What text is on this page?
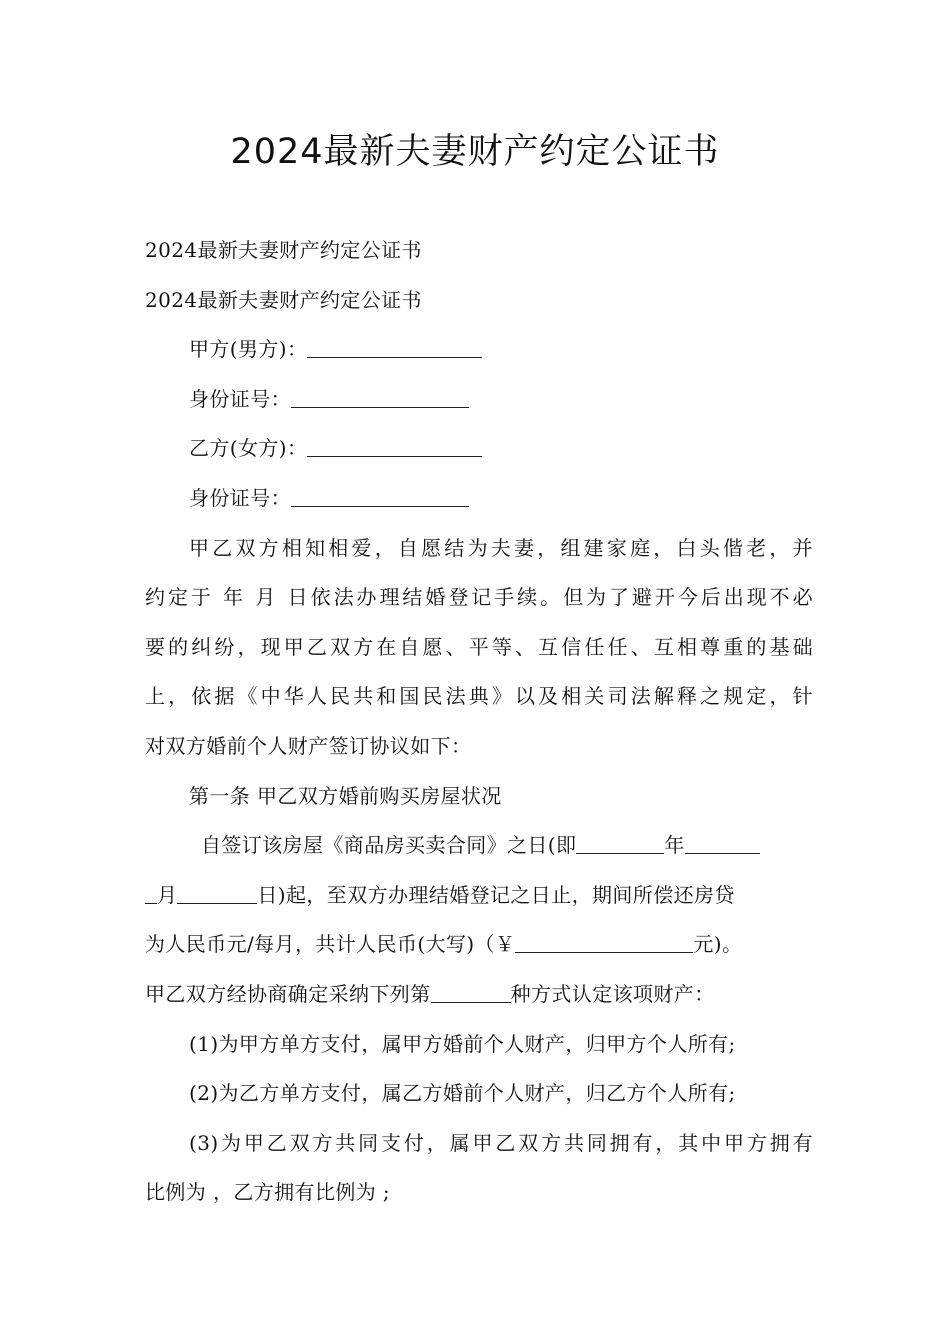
2024最新夫妻财产约定公证书
2024最新夫妻财产约定公证书
2024最新夫妻财产约定公证书
甲方(男方)：
身份证号：
乙方(女方)：
身份证号：
甲乙双方相知相爱，自愿结为夫妻，组建家庭，白头偕老，并
约定于 年 月 日依法办理结婚登记手续。但为了避开今后出现不必
要的纠纷，现甲乙双方在自愿、平等、互信任任、互相尊重的基础
上，依据《中华人民共和国民法典》以及相关司法解释之规定，针
对双方婚前个人财产签订协议如下：
第一条 甲乙双方婚前购买房屋状况
自签订该房屋《商品房买卖合同》之日(即	年
月	日)起，至双方办理结婚登记之日止，期间所偿还房贷
为人民币元/每月，共计人民币(大写)（￥	元)。
甲乙双方经协商确定采纳下列第	种方式认定该项财产：
(1)为甲方单方支付，属甲方婚前个人财产，归甲方个人所有;
(2)为乙方单方支付，属乙方婚前个人财产，归乙方个人所有;
(3)为甲乙双方共同支付，属甲乙双方共同拥有，其中甲方拥有
比例为 ，乙方拥有比例为 ;
